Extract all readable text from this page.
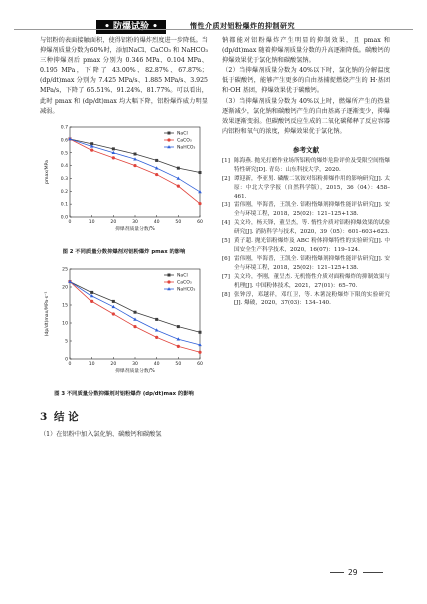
• 防爆试验 •	惰性介质对铝粉爆炸的抑制研究

与铝粉的表面接触面积，使得铝粉的爆炸烈度进一步降低。当抑爆剂质量分数为60%时，添加NaCl、CaCO₃ 和 NaHCO₃ 三种抑爆剂后 pmax 分别为 0.346 MPa、0.104 MPa、0.195 MPa，下降了 43.00%、82.87%、67.87%；(dp/dt)max 分别为 7.425 MPa/s、1.885 MPa/s、3.925 MPa/s，下降了 65.51%、91.24%、81.77%。可以看出，此时 pmax 和 (dp/dt)max 均大幅下降，铝粉爆炸威力明显减弱。

0.0
0.1
0.2
0.3
0.4
0.5
0.6
0.7
0	10	20	30	40	50	60
抑爆剂质量分数/%
pmax/MPa
NaCl
CaCO₃
NaHCO₃

图 2 不同质量分数抑爆剂对铝粉爆炸 pmax 的影响

0
5
10
15
20
25
0	10	20	30	40	50	60
抑爆剂质量分数/%
(dp/dt)max/MPa·s⁻¹
NaCl
CaCO₃
NaHCO₃

图 3 不同质量分数抑爆剂对铝粉爆炸 (dp/dt)max 的影响

3 结 论

（1）在铝粉中加入氯化钠、碳酸钙和碳酸氢

钠都能对铝粉爆炸产生明显的抑制效果，且 pmax 和 (dp/dt)max 随着抑爆剂质量分数的升高逐渐降低。碳酸钙的抑爆效果优于氯化钠和碳酸氢钠。

（2）当抑爆剂质量分数为 40%以下时，氯化钠的分解温度低于碳酸钙，能够产生更多的自由基捕捉燃烧产生的 H·基团和·OH 基团，抑爆效果优于碳酸钙。

（3）当抑爆剂质量分数为 40%以上时，燃爆所产生的热量逐渐减少，氯化钠和碳酸钙产生的自由基离子逐渐变少，抑爆效果逐渐变弱。但碳酸钙反应生成的二氧化碳稀释了反应容器内铝粉和氧气的浓度，抑爆效果优于氯化钠。

参考文献

[1] 陈海燕. 抛光打磨作业场所铝粉的爆炸危险评价及受限空间惰爆特性研究[D]. 青岛：山东科技大学，2020.
[2] 谭迎新，李亚男. 磷酸二氢铵对铝粉抑爆作用的影响研究[J]. 太原：中北大学学报（自然科学版），2015，36（04）：458–461.
[3] 雷伟刚，毕海普，王凯全. 铝粉惰爆剂抑爆性能评估研究[J]. 安全与环境工程，2018，25(02)：121–125+138.
[4] 关文玲，杨天锋，董呈杰，等. 惰性介质对铝粉抑爆效果的试验研究[J]. 消防科学与技术，2020，39（05）：601–603+623.
[5] 黄子超. 抛光铝粉爆炸及 ABC 粉体抑爆特性的实验研究[J]. 中国安全生产科学技术，2020，16(07)：119–124.
[6] 雷伟刚，毕海普，王凯全. 铝粉惰爆剂抑爆性能评估研究[J]. 安全与环境工程，2018，25(02)：121–125+138.
[7] 关文玲，李刚，董呈杰. 无机惰性介质对面粉爆炸的抑制效果与机理[J]. 中国粉体技术，2021，27(01)：65–70.
[8] 张钟淳，邓越祥，邓红卫，等. 木薯淀粉爆炸下限的实验研究[J]. 爆破，2020，37(03)：134–140.
29
